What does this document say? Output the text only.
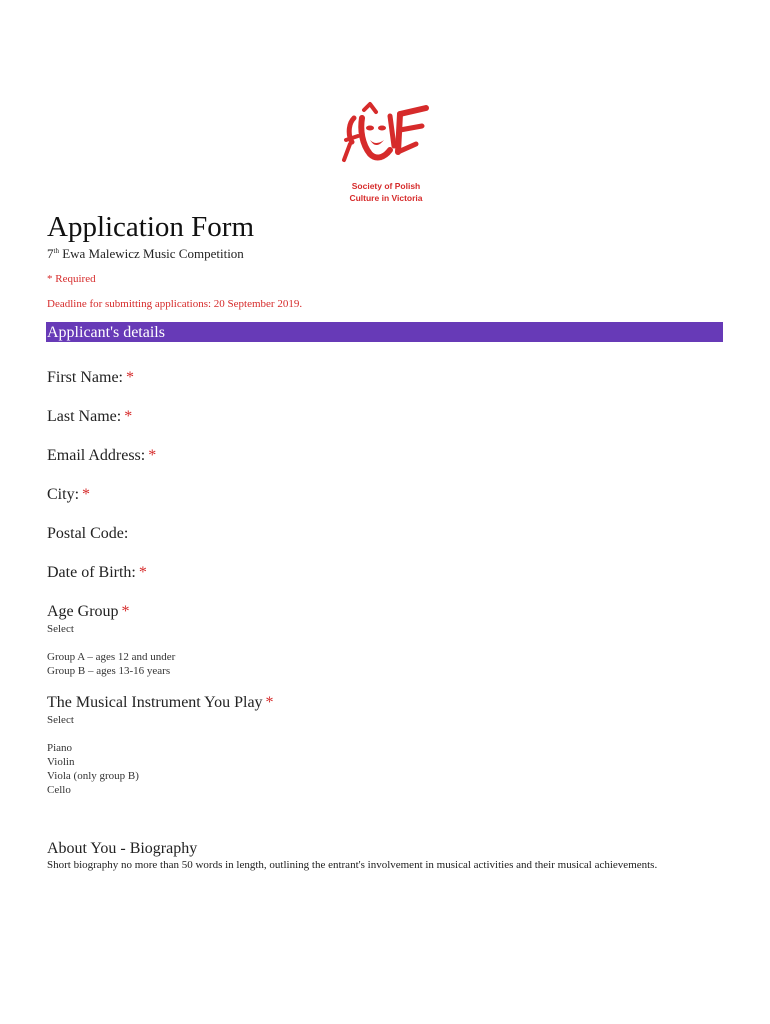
Society of Polish
Culture in Victoria
Application Form
7th Ewa Malewicz Music Competition
* Required
Deadline for submitting applications: 20 September 2019.
Applicant's details
First Name: *
Last Name: *
Email Address: *
City: *
Postal Code:
Date of Birth: *
Age Group *
Select
Group A – ages 12 and under
Group B – ages 13-16 years
The Musical Instrument You Play *
Select
Piano
Violin
Viola (only group B)
Cello
About You - Biography
Short biography no more than 50 words in length, outlining the entrant's involvement in musical activities and their musical achievements.
